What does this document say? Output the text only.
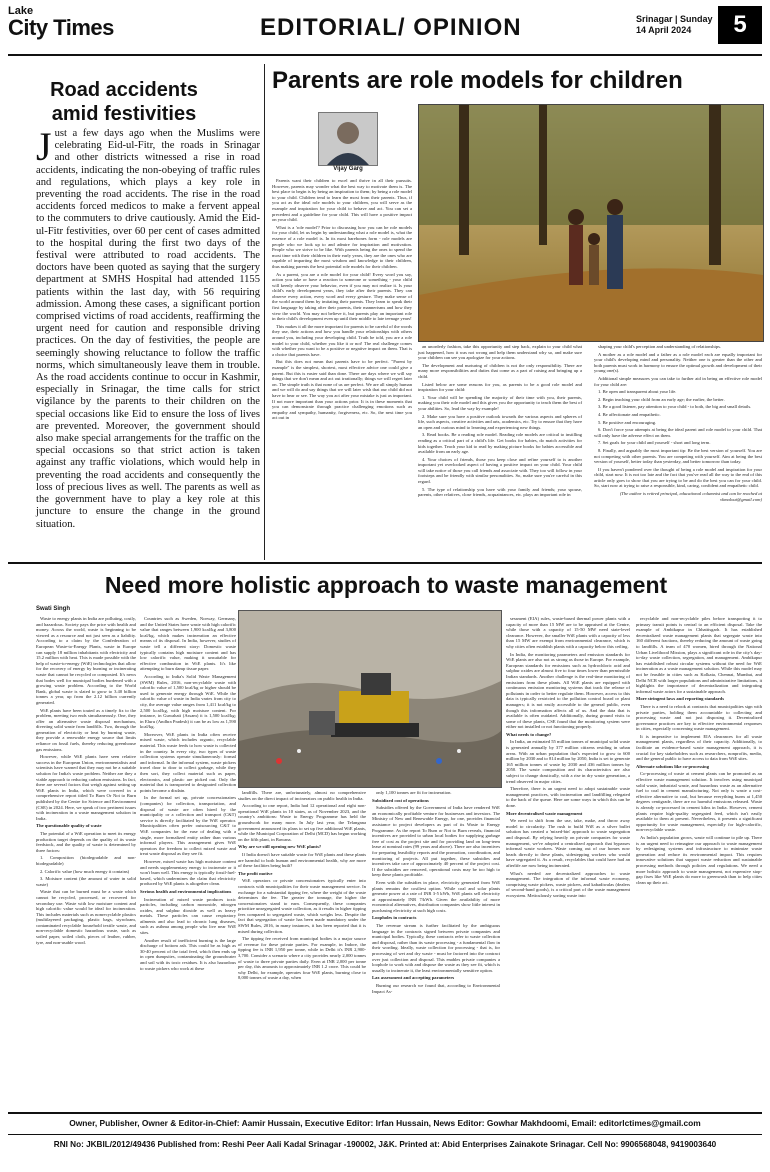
Lake
City Times	EDITORIAL/ OPINION	Srinagar | Sunday
14 April 2024	5
Road accidents amid festivities
J ust a few days ago when the Muslims were celebrating Eid-ul-Fitr, the roads in Srinagar and other districts witnessed a rise in road accidents, indicating the non-obeying of traffic rules and regulations, which plays a key role in preventing the road accidents. The rise in the road accidents forced medicos to make a fervent appeal to the commuters to drive cautiously. Amid the Eid-ul-Fitr festivities, over 60 per cent of cases admitted to the hospital during the first two days of the festival were attributed to road accidents. The doctors have been quoted as saying that the surgery department at SMHS Hospital had attended 1155 patients within the last day, with 56 requiring admission. Among these cases, a significant portion comprised victims of road accidents, reaffirming the urgent need for caution and responsible driving practices. On the day of festivities, the people are seemingly showing reluctance to follow the traffic norms, which simultaneously leave them in trouble. As the road accidents continue to occur in Kashmir, especially in Srinagar, the time calls for strict vigilance by the parents to their children on the special occasions like Eid to ensure the loss of lives are prevented. Moreover, the government should also make special arrangements for the traffic on the special occasions so that strict action is taken against any traffic violations, which would help in preventing the road accidents and consequently the loss of precious lives as well. The parents as well as the government have to play a key role at this juncture to ensure the change in the ground situation.
Parents are role models for children
Vijay Garg

Parents want their children to excel and thrive in all their pursuits. However, parents may wonder what the best way to motivate them is. The best place to begin is by being an inspiration to them; by being a role model to your child. Children tend to learn the most from their parents. Thus, if you act as the ideal role models to your children, you will serve as the example and inspiration for your child to behave and act. You can set a precedent and a guideline for your child. This will have a positive impact on your child.

What is a 'role model'? Prior to discussing how you can be role models for your child, let us begin by understanding what a role model is, what the essence of a role model is. In its most barebones form - role models are people who we look up to and admire for inspiration and motivation. People who we strive to be like. With parents being the ones to spend the most time with their children in their early years, they are the ones who are capable of imparting the most wisdom and knowledge to their children, thus making parents the best potential role models for their children.

As a parent, you are a role model for your child! Every word you say, action you take or have a reaction to someone or something - your child will keenly observe your behavior, even if you may not realize it. Is your child's early development years, they take after their parents. They can observe every action, every word and every gesture. They make sense of the world around them by imitating their parents. They learn to speak their first language by taking after their parents, their mannerisms and how they view the world. You may not believe it, but parents play an important role in their child's development even up until their middle to late teenage years!

This makes it all the more important for parents to be careful of the words they use, their actions and how you handle your relationships with others around you, including your developing child. Truth be told, you are a role model to your child, whether you like it or not! The real challenge comes with whether you want to be a positive or negative impact on them. That is a choice that parents have.

But this does not mean that parents have to be perfect. "Parent by example" is the simplest, shortest, most effective advice one could give a parent. But this is easier said than done. There are days where we will say things that we don't mean and act out irrationally; things we will regret later on. The simple truth is that none of us are perfect. We are all simply human and we will do and say things that we will later wish that our child did not have to hear or see. The way you act after your mistake is just as important. If not more important than your actions prior. It is in these moments that you can demonstrate through practice challenging emotions such as empathy and sympathy, humanity, forgiveness, etc. So, the next time you act out in

an unorderly fashion, take this opportunity and step back, explain to your child what just happened, how it was not wrong and help them understand why so, and make sure your children can see you apologize for your actions.

The development and nurturing of children is not the only responsibility. There are many more responsibilities and duties that come as a part of raising and bringing up a child.

Listed below are some reasons for you, as parents to be a good role model and inspiration for your child:

1. Your child will be spending the majority of their time with you, their parents, making you their role model and this gives you the opportunity to teach them the best of your abilities. So, lead the way by example!

2. Make sure you have a positive outlook towards the various aspects and spheres of life, such aspects, creative activities and arts, academics, etc. Try to ensure that they have an open and curious mind to learning and experiencing new things.

3. Read books. Be a reading role model. Reading role models are critical to instilling reading as a critical part of a child's life. Get books for babies, do match activities for kids together. Teach your kid to read by making picture books for babies accessible and available from an early age.

4. Your choices of friends, those you keep close and refine yourself to is another important yet overlooked aspect of having a positive impact on your child. Your child will take notice of those you call friends and associate with. They too will follow in your footsteps and be friendly with similar personalities. So, make sure you're careful in this regard.

5. The type of relationship you have with your family and friends; your spouse, parents, other relatives, close friends, acquaintances, etc. plays an important role in

shaping your child's perception and understanding of relationships.

A mother as a role model and a father as a role model each are equally important for your child's developing mind and personality. Neither one is greater than the other and both parents must work in harmony to ensure the optimal growth and development of their young one(s).

Additional simple measures you can take to further aid in being an effective role model for your child are:

1. Be open and transparent about your life.

2. Begin teaching your child from an early age; the earlier, the better.

3. Be a good listener, pay attention to your child - to both, the big and small details.

4. Be affectionate and empathetic.

5. Be positive and encouraging.

6. Don't force your attempts at being the ideal parent and role model to your child. That will only have the adverse effect on them.

7. Set goals for your child and yourself - short and long term.

8. Finally, and arguably the most important tip: Be the best version of yourself. You are not competing with other parents. You are competing with yourself. Aim at being the best version of yourself, better today than yesterday, and better tomorrow than today.

If you haven't pondered over the thought of being a role model and inspiration for your child, start now. It is not too late and the fact that you've read all the way to the end of this article only goes to show that you are trying to be and do the best you can for your child. So, start now at trying to raise a responsible, kind, caring, confident and empathetic child.

(The author is retired principal, educational columnist and can be reached at vkmalout@gmail.com)

Need more holistic approach to waste management
Swati Singh

Waste to energy plants in India are polluting, costly, and hazardous. Society pays the price with health and money. Across the world, waste is beginning to be viewed as a resource and not just seen as a liability. According to a claim by the Confederation of European Waste-to-Energy Plants, waste in Europe can supply 18 million inhabitants with electricity and 15.2 million with heat. This is made possible with the help of waste-to-energy (WtE) technologies that allow for the recovery of energy by burning or incinerating waste that cannot be recycled or composted. It's news that bodes well for municipal bodies burdened with a growing waste problem. According to the World Bank, global waste is slated to grow to 3.40 billion tonnes a year, up from the 2.12 billion currently generated.

WtE plants have been touted as a timely fix to the problem, meeting two ends simultaneously. One, they offer an alternative waste disposal mechanism, diverting solid waste from landfills. Two, through the generation of electricity or heat by burning waste, they provide a renewable energy source that limits reliance on fossil fuels, thereby reducing greenhouse gas emissions.

However, while WtE plants have seen relative success in the European Union, environmentalists and scientists have warned that they may not be a suitable solution for India's waste problem. Neither are they a viable approach to reducing carbon emissions. In fact, there are several factors that weigh against setting up WtE plants in India, which were covered in a comprehensive report titled To Burn Or Not to Burn published by the Centre for Science and Environment (CSE) in 2024. Here, we speak of two pertinent issues with incineration in a waste management solution in India.

The questionable quality of waste

The potential of a WtE operation to meet its energy production target depends on the quality of its waste feedstock, and the quality of waste is determined by three factors:

1. Composition (biodegradable and non-biodegradable)

2. Calorific value (how much energy it contains)

3. Moisture content (the amount of water in solid waste)

Waste that can be burned must be a waste which cannot be recycled, processed, or recovered for secondary use. Waste with low moisture content and high calorific value would be ideal for incineration. This includes materials such as nonrecyclable plastics (multilayered packaging, plastic bags, styrofoam, contaminated recyclable household textile waste, and non-recyclable domestic hazardous waste, such as soiled paper, soiled cloth, pieces of leather, rubber, tyre, and non-usable wood.

Countries such as Sweden, Norway, Germany, and the United States have waste with high calorific value that ranges between 1,900 kcal/kg and 3,800 kcal/kg, which makes incineration an effective means of its disposal. In India, however, studies of waste tell a different story: Domestic waste typically contains high moisture content and has low calorific value, making it unsuitable for effective combustion in WtE plants. It's like attempting to burn damp tissue paper.

According to India's Solid Waste Management (SWM) Rules, 2016, non-recyclable waste with calorific value of 1,500 kcal/kg or higher should be used to generate energy through WtE. While the calorific value of waste in India varies from city to city, the average value ranges from 1,411 kcal/kg to 2,500 kcal/kg, with high moisture content. For instance, in Guwahati (Assam) it is 1,500 kcal/kg; in Eluru (Andhra Pradesh) it can be as low as 1,590 kcal/kg.

Moreover, WtE plants in India often receive mixed waste, which includes organic, recyclable material. This waste feeds to how waste is collected in the country. In every city, two types of waste collection systems operate simultaneously: formal and informal. In the informal system, waste pickers travel door to door to collect garbage, while they then sort, they collect material such as paper, electronics, and plastic are picked out. Only the material that is transported to designated collection points become a disdain.

In the formal set up, private concessionaires (companies) for collection, transportation, and disposal of waste are often hired by the municipality or a collection and transport (C&T) service is directly facilitated by the WtE operator. Municipalities often prefer outsourcing C&T to WtE companies for the ease of dealing with a single, more formalized entity rather than various informal players. This arrangement gives WtE operators the freedom to collect mixed waste and treat waste disposal as they see fit.

However, mixed waste has high moisture content and needs supplementary energy to incinerate or it won't burn well. This energy is typically fossil-fuel-based, which undermines the claim that electricity produced by WtE plants is altogether clean.

Serious health and environmental implications

Incineration of mixed waste produces toxic particles, including carbon monoxide, nitrogen oxides, and sulphur dioxide as well as heavy metals. These particles can cause respiratory ailments and also lead to chronic lung diseases, such as asthma among people who live near WtE sites.

Another result of inefficient burning is the large discharge of bottom ash. This could be as high as 30-40 percent of the total feed, which then ends up in open dumpsites, contaminating the groundwater and soil with its toxic residues. It is also hazardous to waste pickers who work at these

landfills. There are, unfortunately, almost no comprehensive studies on the direct impact of incinerators on public health in India.

According to one report, India had 12 operational and eight non-operational WtE plants in 10 states, as of November 2023, and the country's ambitions: Waste to Energy Programme has held the groundwork for many more. In July last year, the Telangana government announced its plans to set up five additional WtE plants, while the Municipal Corporation of Delhi (MCD) has begun working on the fifth plant, in Bawana.

Why are we still opening new WtE plants?

If India doesn't have suitable waste for WtE plants and these plants are harmful to both human and environmental health, why are more of these facilities being built?

The profit motive

WtE operators or private concessionaires typically enter into contracts with municipalities for their waste management service. In exchange for a substantial tipping fee, where the weight of the waste determines the fee. The greater the tonnage, the higher the concessionaires stand to earn. Consequently, these companies prioritize unsegregated waste collection, as it results in higher tipping fees compared to segregated waste, which weighs less. Despite the fact that segregation of waste has been made mandatory under the SWM Rules, 2016, in many instances, it has been reported that it is mixed during collection.

The tipping fee received from municipal bodies is a major source of revenue for these private parties. For example, in Indore, the tipping fee is INR 1,950 per tonne, while in Delhi it's INR 2,900-3,700. Consider a scenario where a city provides nearly 2,000 tonnes of waste to three private parties daily. Even at INR 2,000 per tonne per day, this amounts to approximately INR 1.2 crore. This could be why Delhi, for example, operates four WtE plants, burning close to 8,000 tonnes of waste a day, when

only 1,100 tonnes are fit for incineration.

Subsidized cost of operations

Subsidies offered by the Government of India have rendered WtE an economically profitable venture for businesses and investors. The Ministry of New and Renewable Energy, for one, provides financial assistance to project developers as part of its Waste to Energy Programme. As the report To Burn or Not to Burn reveals, financial incentives are provided to urban local bodies for supplying garbage free of cost as the project site and for providing land on long-term lease at nominal rates (99 years and above). There are also incentives for preparing feasibility reports and the promotion, coordination, and monitoring of projects. All put together, these subsidies and incentives take care of approximately 40 percent of the project cost. If the subsidies are removed, operational costs may be too high to keep these plants profitable.

Even with the subsidies in place, electricity generated from WtE plants remains the costliest option. While coal and solar plants generate power at a rate of INR 3-5 kWh, WtE plants sell electricity at approximately INR 7/kWh. Given the availability of more economical alternatives, distribution companies show little interest in purchasing electricity at such high costs.

Loopholes in contracts

The revenue stream is further facilitated by the ambiguous language in the contracts signed between private companies and municipal bodies. Typically, these contracts refer to waste collection and disposal, rather than its waste processing - a fundamental flaw in their wording. Ideally, waste collection for processing - that is, for processing of wet and dry waste - must be factored into the contract over just collection and disposal. This enables private companies a loophole to work with and dispose the waste as they see fit, which is usually to incinerate it, the least environmentally sensitive option.

Lax assessment and accepting parameters

Burning our research we found that, according to Environmental Impact As-

sessment (EIA) rules, waste-based thermal power plants with a capacity of more than 15 MW are to be appraised at the Centre, while those with a capacity of 15-50 MW need state-level clearance. However, the smaller WtE plants with a capacity of less than 15 MW are exempt from environmental clearance, which is why cities often establish plants with a capacity below this ceiling.

In India, the monitoring parameters and emission standards for WtE plants are also not as strong as those in Europe. For example, European standards for emissions such as hydrochloric acid and sulphur oxides are almost five to four times lower than permissible Indian standards. Another challenge is the real-time monitoring of emissions from these plants. All WtE plants are equipped with continuous emission monitoring systems that track the release of pollutants in order to better regulate them. However, access to this data is typically restricted to the pollution control board or plant managers; it is not easily accessible to the general public, even though this information affects all of us. And the data that is available is often outdated. Additionally, during ground visits to some of these plants, CSE found that the monitoring system were either not installed or not functioning properly.

What needs to change?

In India, an estimated 55 million tonnes of municipal solid waste is generated annually by 377 million citizens residing in urban areas. With an urban population that's expected to grow to 600 million by 2030 and to 814 million by 2050, India is set to generate 165 million tonnes of waste by 2030 and 436 million tonnes by 2050. The waste composition and its characteristics are also subject to change drastically, with a rise in dry waste generation, a trend observed in major cities.

Therefore, there is an urgent need to adopt sustainable waste management practices, with incineration and landfilling relegated to the back of the queue. Here are some ways in which this can be done.

More decentralised waste management

We need to shift from the use, take, make, and throw away model to circularity. The rush to build WtE as a silver bullet solution has created a 'mixed-bin' approach to waste segregation and disposal. By relying heavily on private companies for waste management, we've adopted a centralized approach that bypasses informal waste workers. Waste coming out of our homes now heads directly to these plants, sidestepping workers who would have segregated it. As a result, recyclables that could have had an afterlife are now being incinerated.

What's needed are decentralized approaches to waste management. The integration of the informal waste economy, comprising waste pickers, waste pickers, and kabadiwalas (dealers of second-hand goods), is a critical part of the waste management ecosystem. Meticulously sorting waste into

recyclable and non-recyclable piles before transporting it to primary transit points is central to an efficient disposal. Take the example of Ambikapur in Chhattisgarh. It has established decentralized waste management plants that segregate waste into 160 different fractions, thereby reducing the amount of waste going to landfills. A team of 470 women, hired through the National Urban Livelihood Mission, plays a significant role in the city's day-to-day waste collection, segregation, and management. Ambikapur has established robust circular systems without the need for WtE incineration as a waste management solution. While this model may not be feasible in cities such as Kolkata, Chennai, Mumbai, and Delhi NCR with larger populations and administrative limitations, it highlights the importance of decentralization and integrating informal waste actors for a sustainable approach.

More stringent laws and reporting standards

There is a need to relook at contracts that municipalities sign with private parties, holding them accountable to collecting and processing waste and not just disposing it. Decentralized governance practices are key to effective environmental responses in cities, especially concerning waste management.

It is imperative to implement EIA clearances for all waste management plants, regardless of their capacity. Additionally, to facilitate an evidence-based waste management approach, it is crucial for key stakeholders such as researchers, nonprofits, media, and the general public to have access to data from WtE sites.

Alternate solutions like co-processing

Co-processing of waste at cement plants can be promoted as an effective waste management solution. It involves using municipal solid waste, industrial waste, and hazardous waste as an alternative fuel to coal in cement manufacturing. Not only is waste a cost-effective alternative to coal, but because everything burns at 1,450 degrees centigrade, there are no harmful emissions released. Waste is already co-processed in cement kilns in India. However, cement plants require high-quality segregated feed, which isn't easily available to them at present. Nevertheless, it presents a significant opportunity for waste management, especially for high-calorific, non-recyclable waste.

As India's population grows, waste will continue to pile up. There is an urgent need to reimagine our approach to waste management by redesigning systems and infrastructure to minimize waste generation and reduce its environmental impact. This requires innovative solutions that support waste reduction and sustainable processing methods through policies and regulations. We need a more holistic approach to waste management, not expensive stop-gap fixes like WtE plants do more to greenwash than to help cities clean up their act.

Owner, Publisher, Owner & Editor-in-Chief: Aamir Hussain, Executive Editor: Irfan Hussain, News Editor: Gowhar Makhdoomi, Email: editorlctimes@gmail.com
RNI No: JKBIL/2012/49436 Published from: Reshi Peer Aali Kadal Srinagar -190002, J&K. Printed at: Abid Enterprises Zainakote Srinagar. Cell No: 9906568048, 9419003640
